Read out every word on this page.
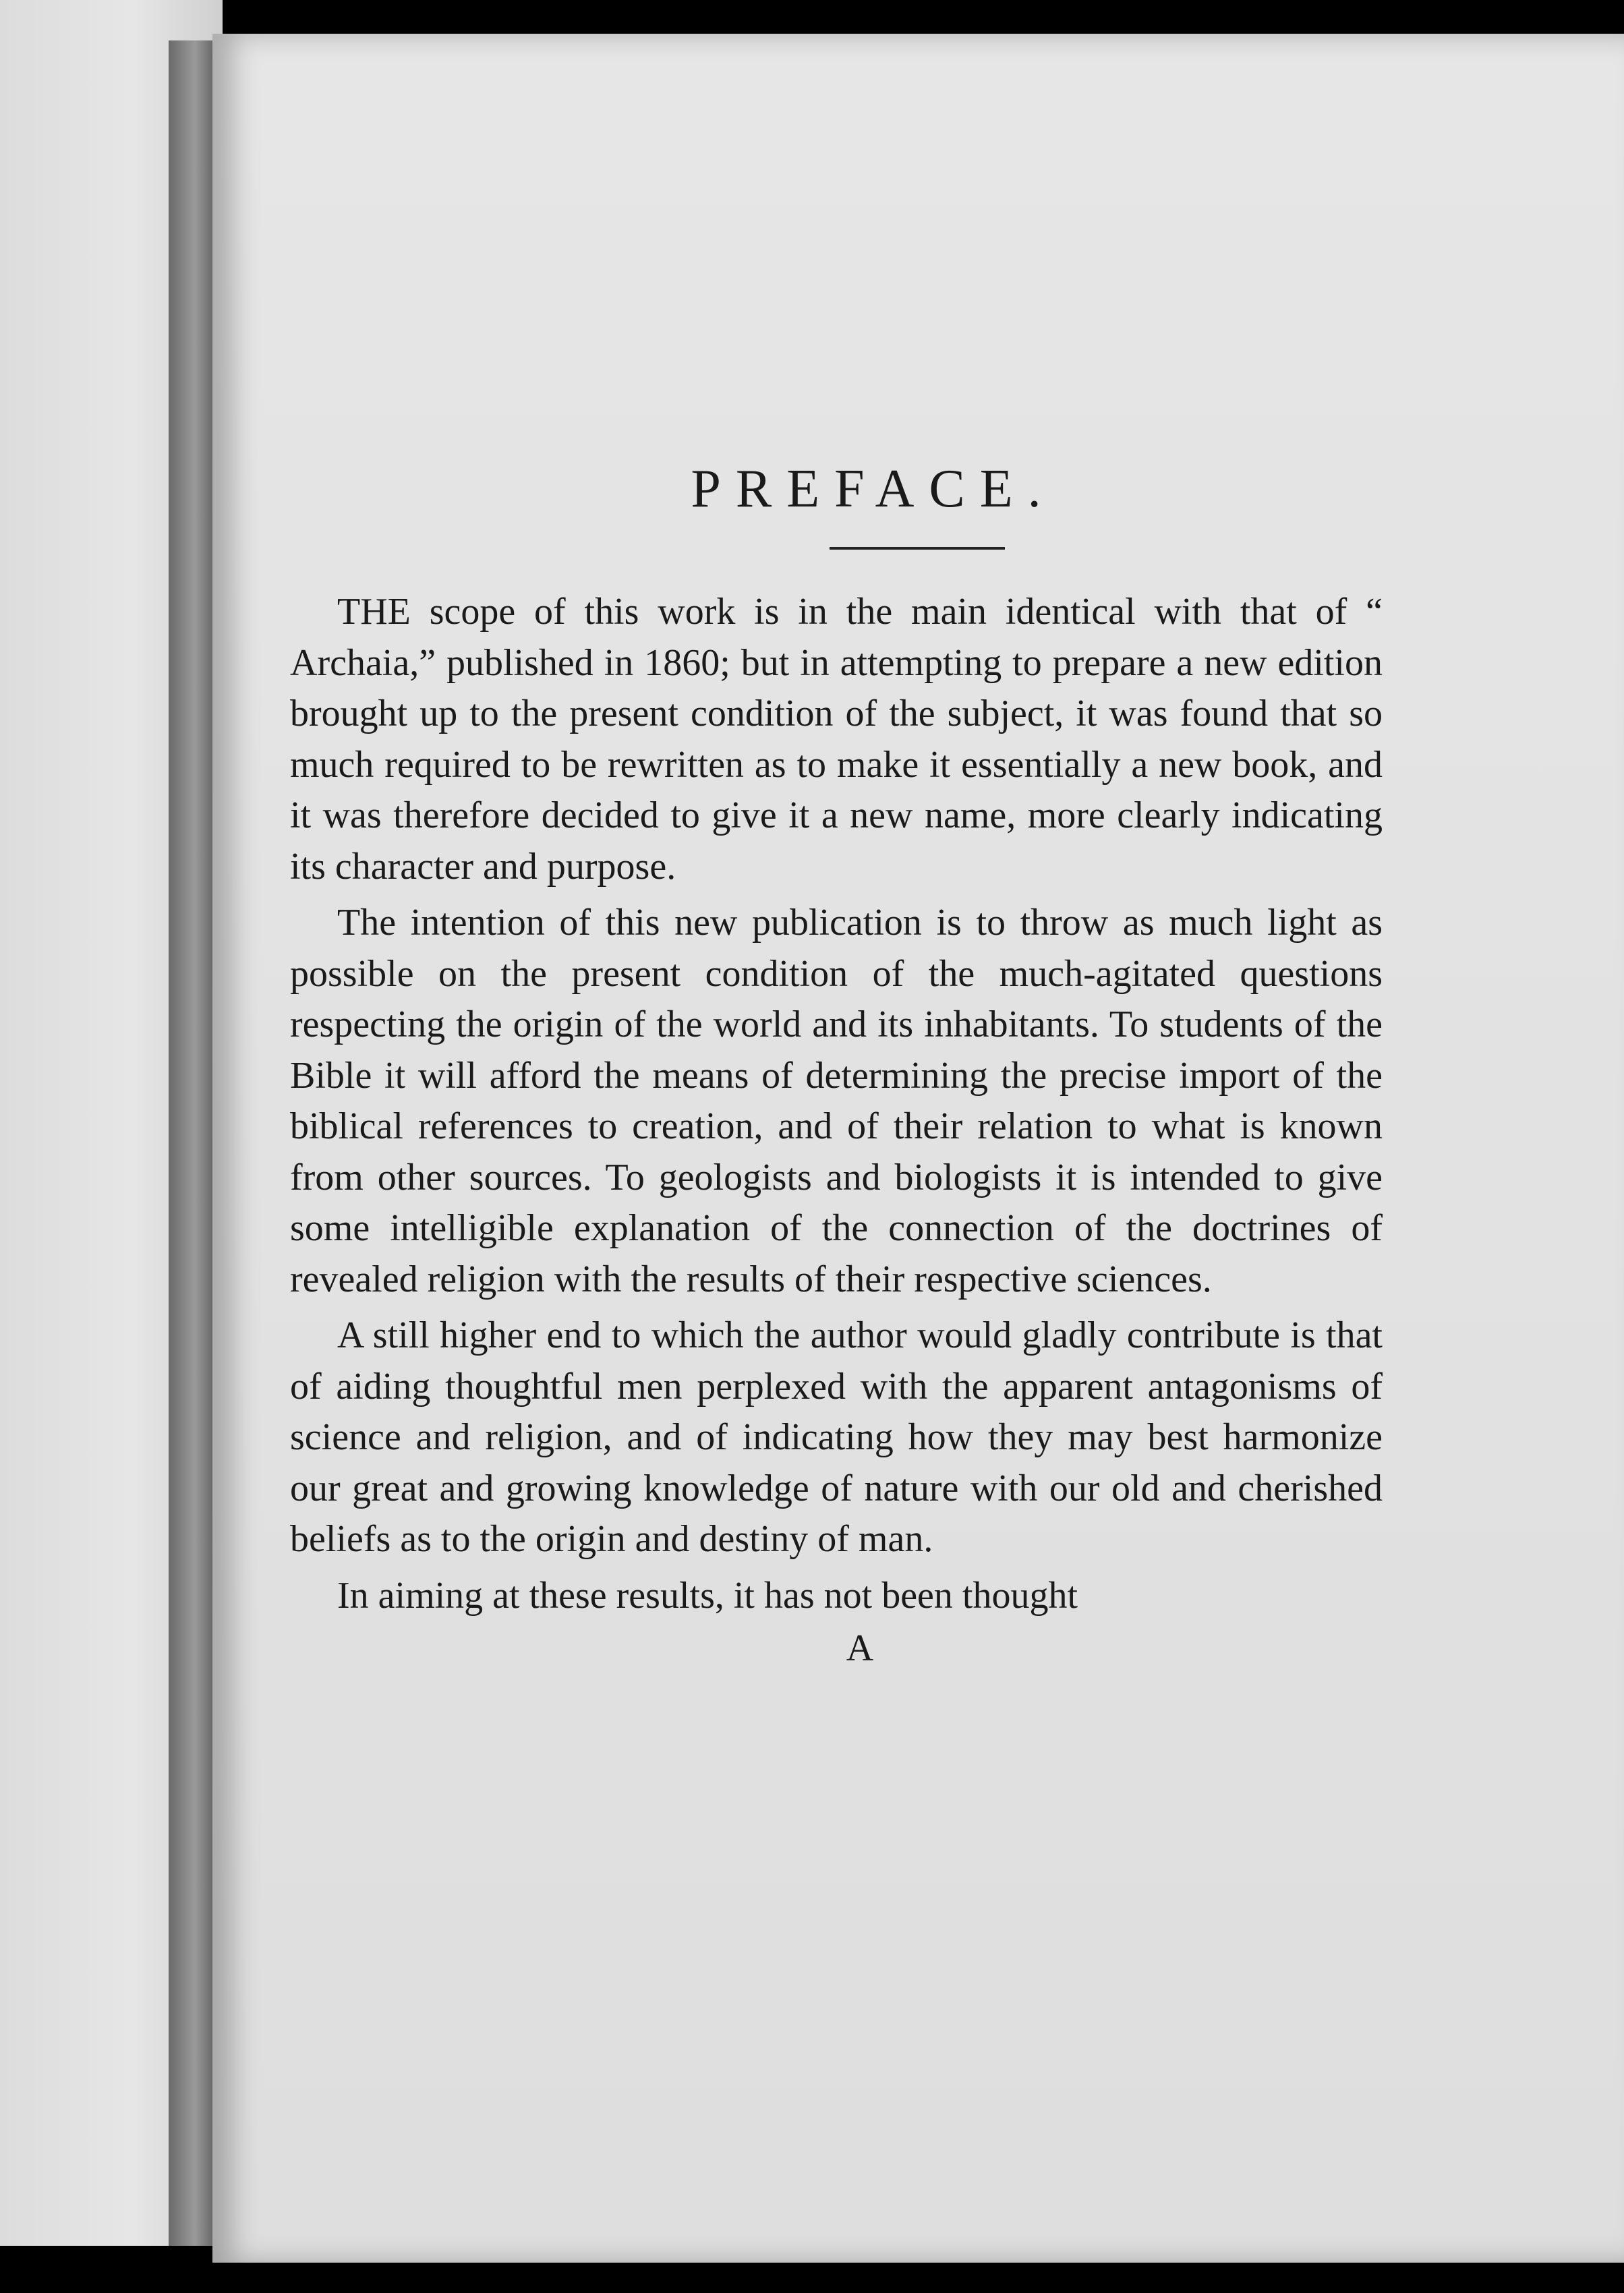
PREFACE.

THE scope of this work is in the main identical with that of “ Archaia,” published in 1860; but in attempting to prepare a new edition brought up to the present condition of the subject, it was found that so much required to be rewritten as to make it essentially a new book, and it was therefore decided to give it a new name, more clearly indicating its character and purpose.

The intention of this new publication is to throw as much light as possible on the present condition of the much-agitated questions respecting the origin of the world and its inhabitants. To students of the Bible it will afford the means of determining the precise import of the biblical references to creation, and of their relation to what is known from other sources. To geologists and biologists it is intended to give some intelligible explanation of the connection of the doctrines of revealed religion with the results of their respective sciences.

A still higher end to which the author would gladly contribute is that of aiding thoughtful men perplexed with the apparent antagonisms of science and religion, and of indicating how they may best harmonize our great and growing knowledge of nature with our old and cherished beliefs as to the origin and destiny of man.

In aiming at these results, it has not been thought

A
